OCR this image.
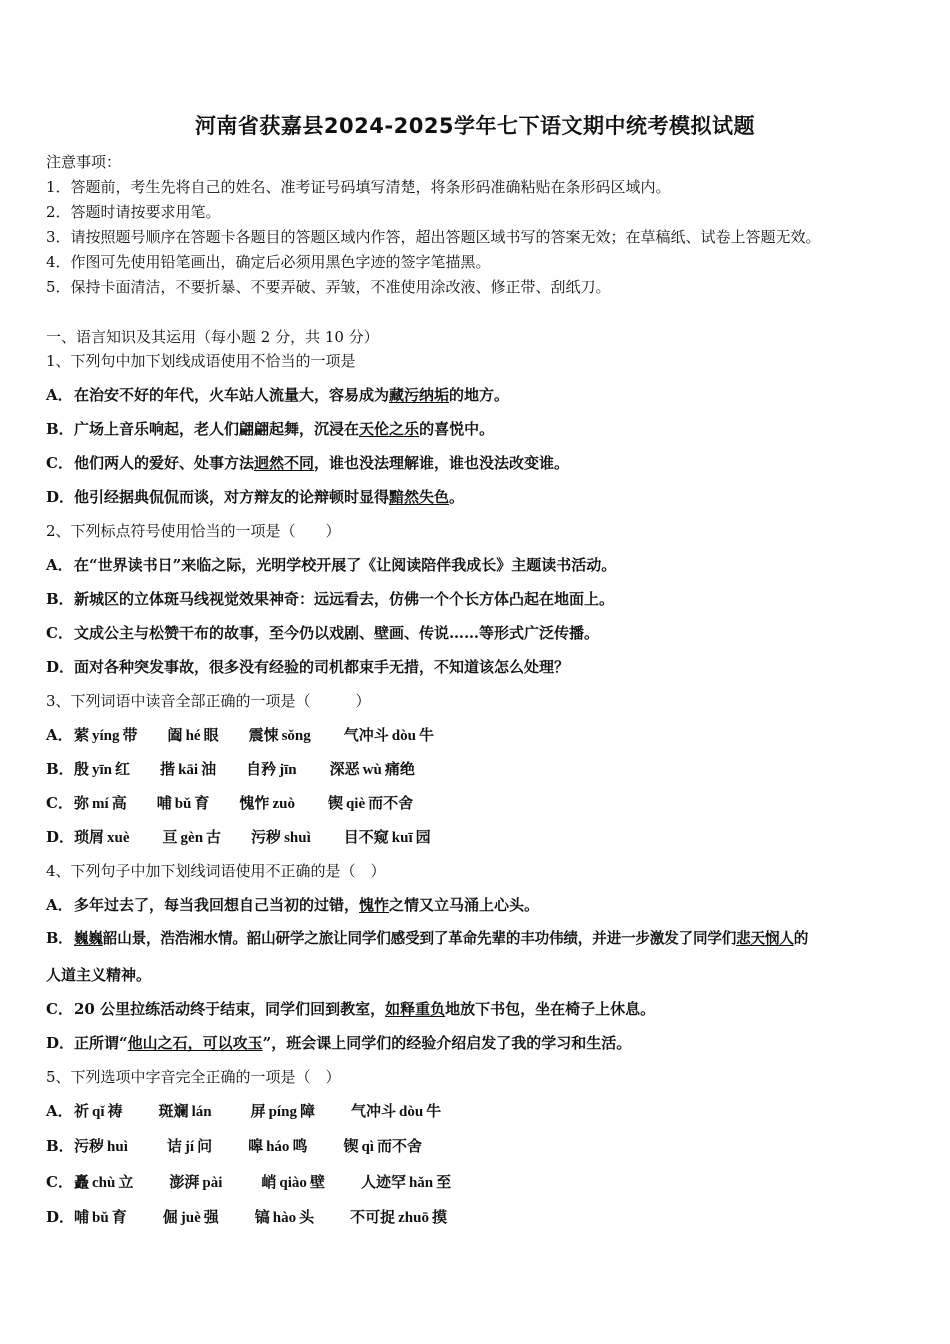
河南省获嘉县2024-2025学年七下语文期中统考模拟试题
注意事项：
1．答题前，考生先将自己的姓名、准考证号码填写清楚，将条形码准确粘贴在条形码区域内。
2．答题时请按要求用笔。
3．请按照题号顺序在答题卡各题目的答题区域内作答，超出答题区域书写的答案无效；在草稿纸、试卷上答题无效。
4．作图可先使用铅笔画出，确定后必须用黑色字迹的签字笔描黑。
5．保持卡面清洁，不要折暴、不要弄破、弄皱，不准使用涂改液、修正带、刮纸刀。
一、语言知识及其运用（每小题 2 分，共 10 分）
1、下列句中加下划线成语使用不恰当的一项是
A．在治安不好的年代，火车站人流量大，容易成为藏污纳垢的地方。
B．广场上音乐响起，老人们翩翩起舞，沉浸在天伦之乐的喜悦中。
C．他们两人的爱好、处事方法迥然不同，谁也没法理解谁，谁也没法改变谁。
D．他引经据典侃侃而谈，对方辩友的论辩顿时显得黯然失色。
2、下列标点符号使用恰当的一项是（　　）
A．在“世界读书日”来临之际，光明学校开展了《让阅读陪伴我成长》主题读书活动。
B．新城区的立体斑马线视觉效果神奇：远远看去，仿佛一个个长方体凸起在地面上。
C．文成公主与松赞干布的故事，至今仍以戏剧、壁画、传说……等形式广泛传播。
D．面对各种突发事故，很多没有经验的司机都束手无措，不知道该怎么处理？
3、下列词语中读音全部正确的一项是（　　　）
A．萦 yíng 带 阖 hé 眼 震悚 sǒng 气冲斗 dòu 牛
B．殷 yīn 红 揩 kāi 油 自矜 jīn 深恶 wù 痛绝
C．弥 mí 高 哺 bǔ 育 愧怍 zuò 锲 qiè 而不舍
D．琐屑 xuè 亘 gèn 古 污秽 shuì 目不窥 kuī 园
4、下列句子中加下划线词语使用不正确的是（　）
A．多年过去了，每当我回想自己当初的过错，愧怍之情又立马涌上心头。
B．巍巍韶山景，浩浩湘水情。韶山研学之旅让同学们感受到了革命先辈的丰功伟绩，并进一步激发了同学们悲天悯人的
人道主义精神。
C．20 公里拉练活动终于结束，同学们回到教室，如释重负地放下书包，坐在椅子上休息。
D．正所谓“他山之石，可以攻玉”，班会课上同学们的经验介绍启发了我的学习和生活。
5、下列选项中字音完全正确的一项是（　）
A．祈 qǐ 祷 斑斓 lán	屏 píng 障 气冲斗 dòu 牛
B．污秽 huì	诘 jí 问 嗥 háo 鸣 锲 qì 而不舍
C．矗 chù 立 澎湃 pài	峭 qiào 壁 人迹罕 hǎn 至
D．哺 bǔ 育 倔 juè 强 镐 hào 头 不可捉 zhuō 摸
